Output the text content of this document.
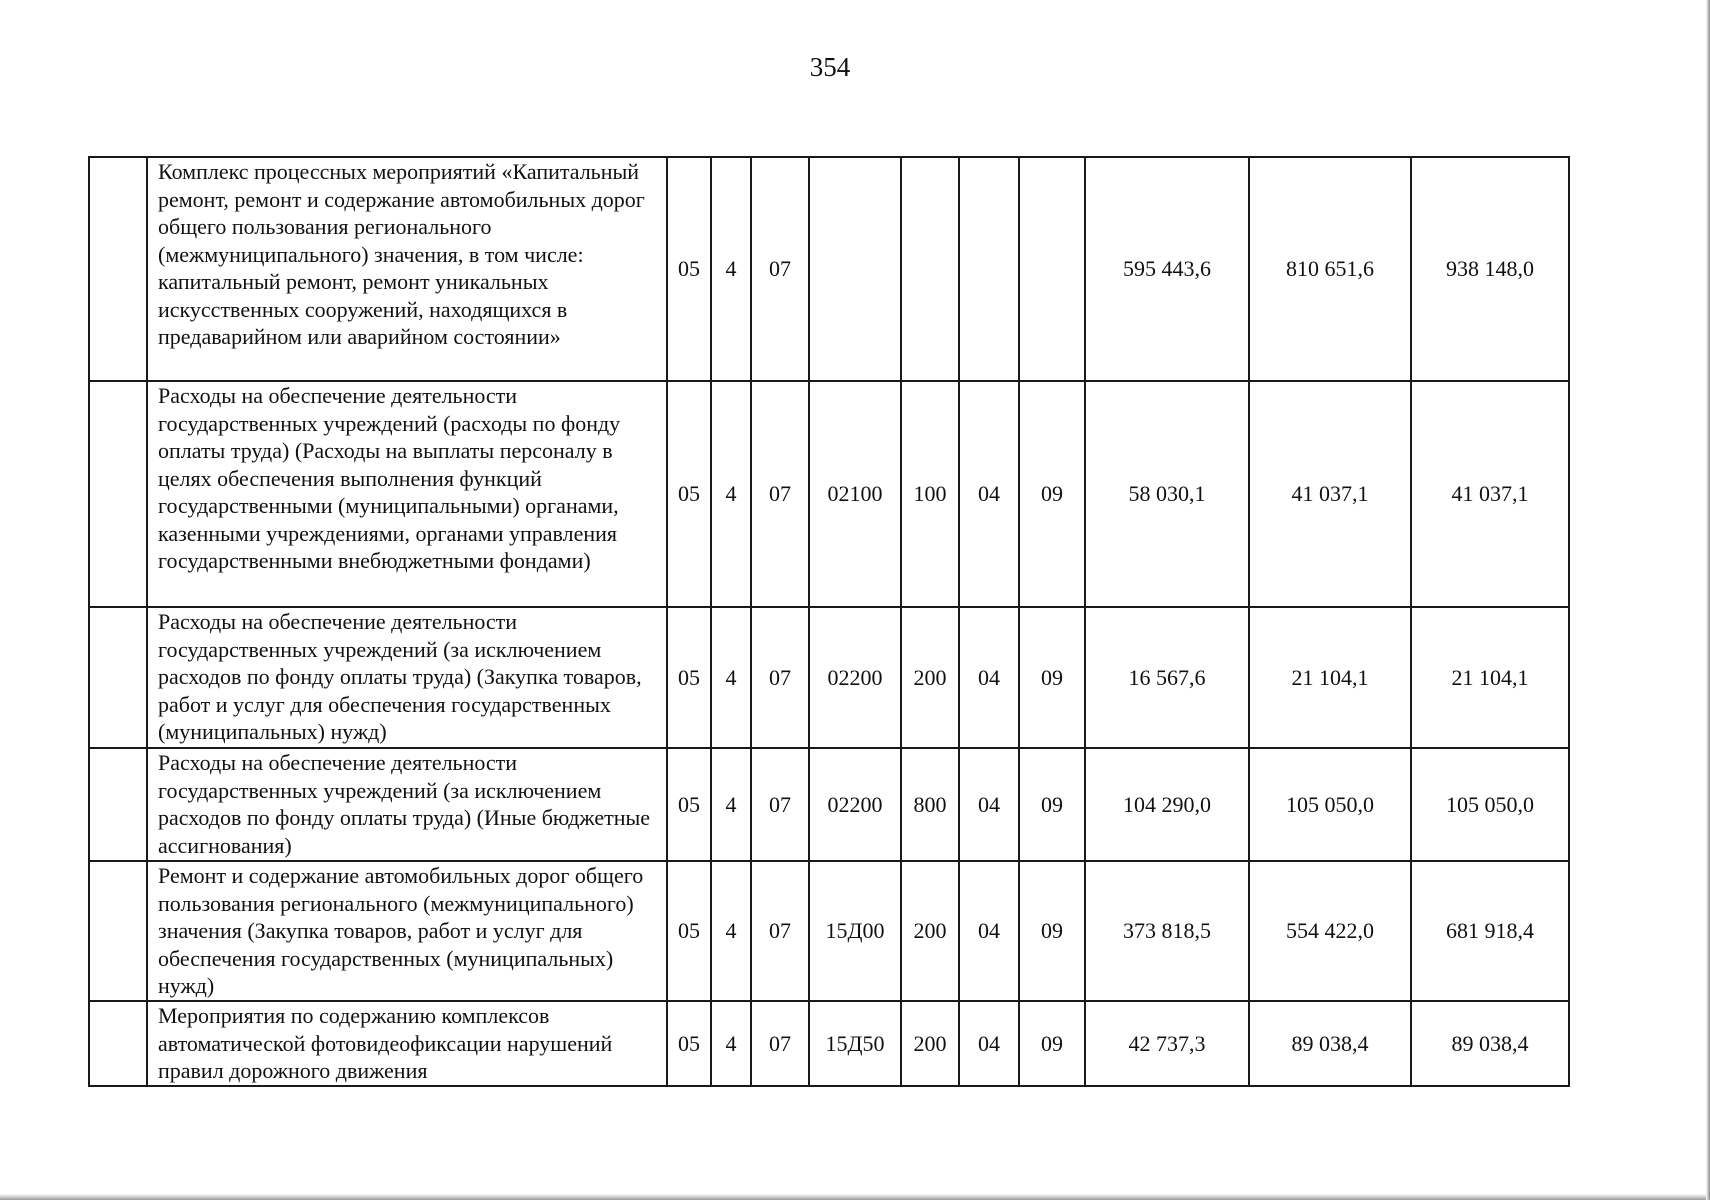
354
	Комплекс процессных мероприятий «Капитальный ремонт, ремонт и содержание автомобильных дорог общего пользования регионального (межмуниципального) значения, в том числе: капитальный ремонт, ремонт уникальных искусственных сооружений, находящихся в предаварийном или аварийном состоянии»	05	4	07					595 443,6	810 651,6	938 148,0
	Расходы на обеспечение деятельности государственных учреждений (расходы по фонду оплаты труда) (Расходы на выплаты персоналу в целях обеспечения выполнения функций государственными (муниципальными) органами, казенными учреждениями, органами управления государственными внебюджетными фондами)	05	4	07	02100	100	04	09	58 030,1	41 037,1	41 037,1
	Расходы на обеспечение деятельности государственных учреждений (за исключением расходов по фонду оплаты труда) (Закупка товаров, работ и услуг для обеспечения государственных (муниципальных) нужд)	05	4	07	02200	200	04	09	16 567,6	21 104,1	21 104,1
	Расходы на обеспечение деятельности государственных учреждений (за исключением расходов по фонду оплаты труда) (Иные бюджетные ассигнования)	05	4	07	02200	800	04	09	104 290,0	105 050,0	105 050,0
	Ремонт и содержание автомобильных дорог общего пользования регионального (межмуниципального) значения (Закупка товаров, работ и услуг для обеспечения государственных (муниципальных) нужд)	05	4	07	15Д00	200	04	09	373 818,5	554 422,0	681 918,4
	Мероприятия по содержанию комплексов автоматической фотовидеофиксации нарушений правил дорожного движения	05	4	07	15Д50	200	04	09	42 737,3	89 038,4	89 038,4
